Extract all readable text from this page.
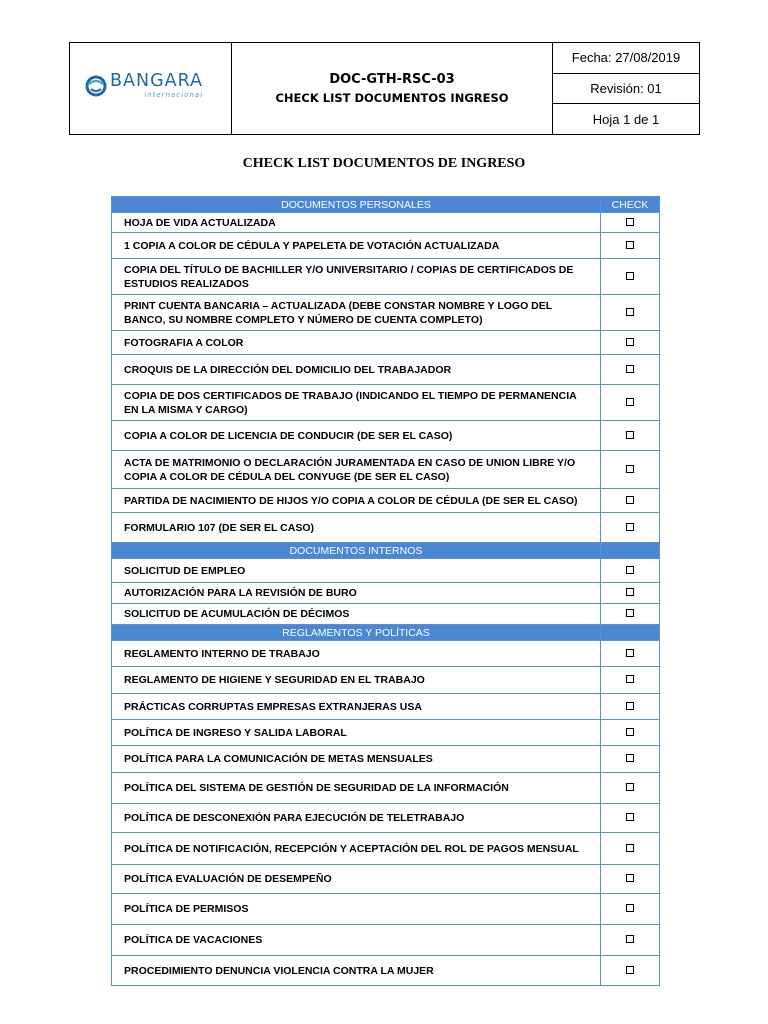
BANGARA
internacional
DOC-GTH-RSC-03
CHECK LIST DOCUMENTOS INGRESO
Fecha: 27/08/2019
Revisión: 01
Hoja 1 de 1
CHECK LIST DOCUMENTOS DE INGRESO
DOCUMENTOS PERSONALES	CHECK
HOJA DE VIDA ACTUALIZADA	
1 COPIA A COLOR DE CÉDULA Y PAPELETA DE VOTACIÓN ACTUALIZADA	
COPIA DEL TÍTULO DE BACHILLER Y/O UNIVERSITARIO / COPIAS DE CERTIFICADOS DE ESTUDIOS REALIZADOS	
PRINT CUENTA BANCARIA – ACTUALIZADA (DEBE CONSTAR NOMBRE Y LOGO DEL BANCO, SU NOMBRE COMPLETO Y NÚMERO DE CUENTA COMPLETO)	
FOTOGRAFIA A COLOR	
CROQUIS DE LA DIRECCIÓN DEL DOMICILIO DEL TRABAJADOR	
COPIA DE DOS CERTIFICADOS DE TRABAJO (INDICANDO EL TIEMPO DE PERMANENCIA EN LA MISMA Y CARGO)	
COPIA A COLOR DE LICENCIA DE CONDUCIR (DE SER EL CASO)	
ACTA DE MATRIMONIO O DECLARACIÓN JURAMENTADA EN CASO DE UNION LIBRE Y/O COPIA A COLOR DE CÉDULA DEL CONYUGE (DE SER EL CASO)	
PARTIDA DE NACIMIENTO DE HIJOS Y/O COPIA A COLOR DE CÉDULA (DE SER EL CASO)	
FORMULARIO 107 (DE SER EL CASO)	
DOCUMENTOS INTERNOS	
SOLICITUD DE EMPLEO	
AUTORIZACIÓN PARA LA REVISIÓN DE BURO	
SOLICITUD DE ACUMULACIÓN DE DÉCIMOS	
REGLAMENTOS Y POLÍTICAS	
REGLAMENTO INTERNO DE TRABAJO	
REGLAMENTO DE HIGIENE Y SEGURIDAD EN EL TRABAJO	
PRÁCTICAS CORRUPTAS EMPRESAS EXTRANJERAS USA	
POLÍTICA DE INGRESO Y SALIDA LABORAL	
POLÍTICA PARA LA COMUNICACIÓN DE METAS MENSUALES	
POLÍTICA DEL SISTEMA DE GESTIÓN DE SEGURIDAD DE LA INFORMACIÓN	
POLÍTICA DE DESCONEXIÓN PARA EJECUCIÓN DE TELETRABAJO	
POLÍTICA DE NOTIFICACIÓN, RECEPCIÓN Y ACEPTACIÓN DEL ROL DE PAGOS MENSUAL	
POLÍTICA EVALUACIÓN DE DESEMPEÑO	
POLÍTICA DE PERMISOS	
POLÍTICA DE VACACIONES	
PROCEDIMIENTO DENUNCIA VIOLENCIA CONTRA LA MUJER	
